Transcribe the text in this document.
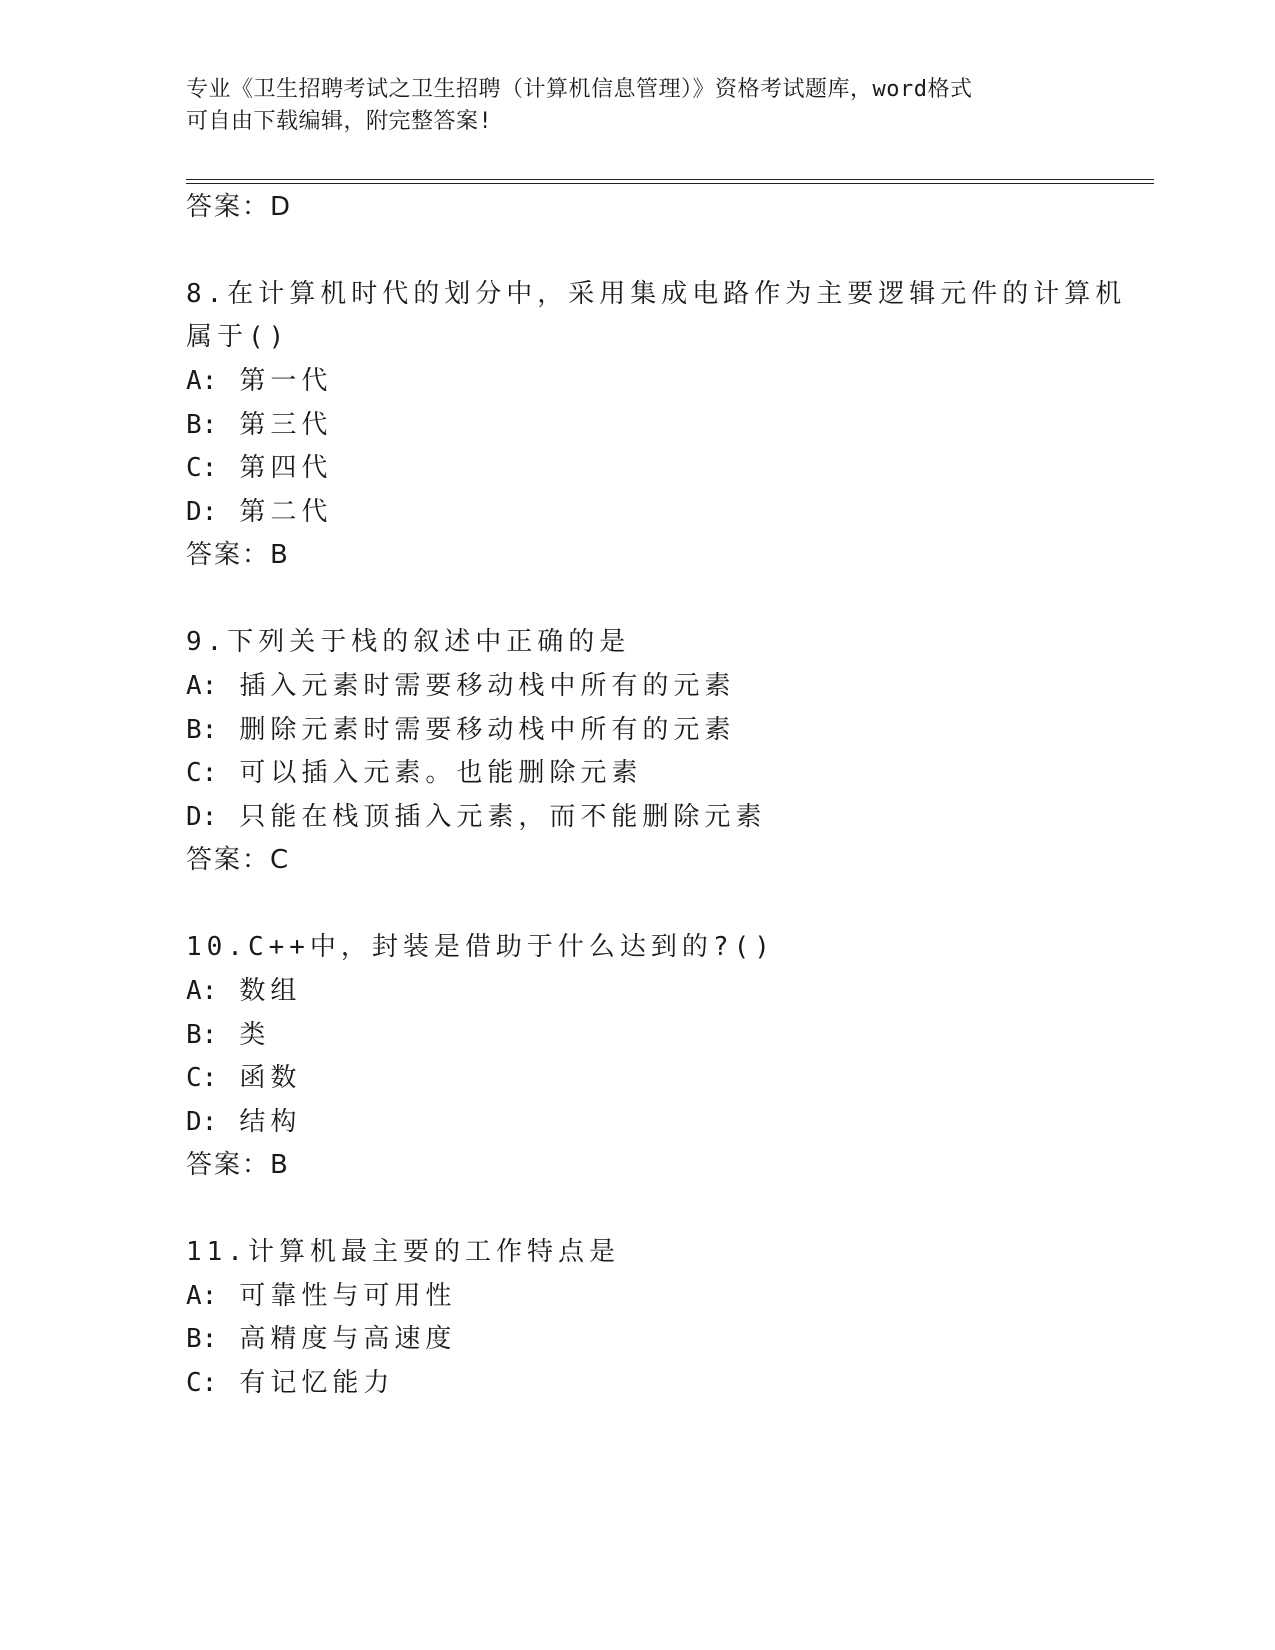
专业《卫生招聘考试之卫生招聘（计算机信息管理）》资格考试题库，word格式
可自由下载编辑，附完整答案!
答案：D
8.在计算机时代的划分中，采用集成电路作为主要逻辑元件的计算机
属于()
A: 第一代
B: 第三代
C: 第四代
D: 第二代
答案：B
9.下列关于栈的叙述中正确的是
A: 插入元素时需要移动栈中所有的元素
B: 删除元素时需要移动栈中所有的元素
C: 可以插入元素。也能删除元素
D: 只能在栈顶插入元素，而不能删除元素
答案：C
10.C++中，封装是借助于什么达到的?()
A: 数组
B: 类
C: 函数
D: 结构
答案：B
11.计算机最主要的工作特点是
A: 可靠性与可用性
B: 高精度与高速度
C: 有记忆能力
